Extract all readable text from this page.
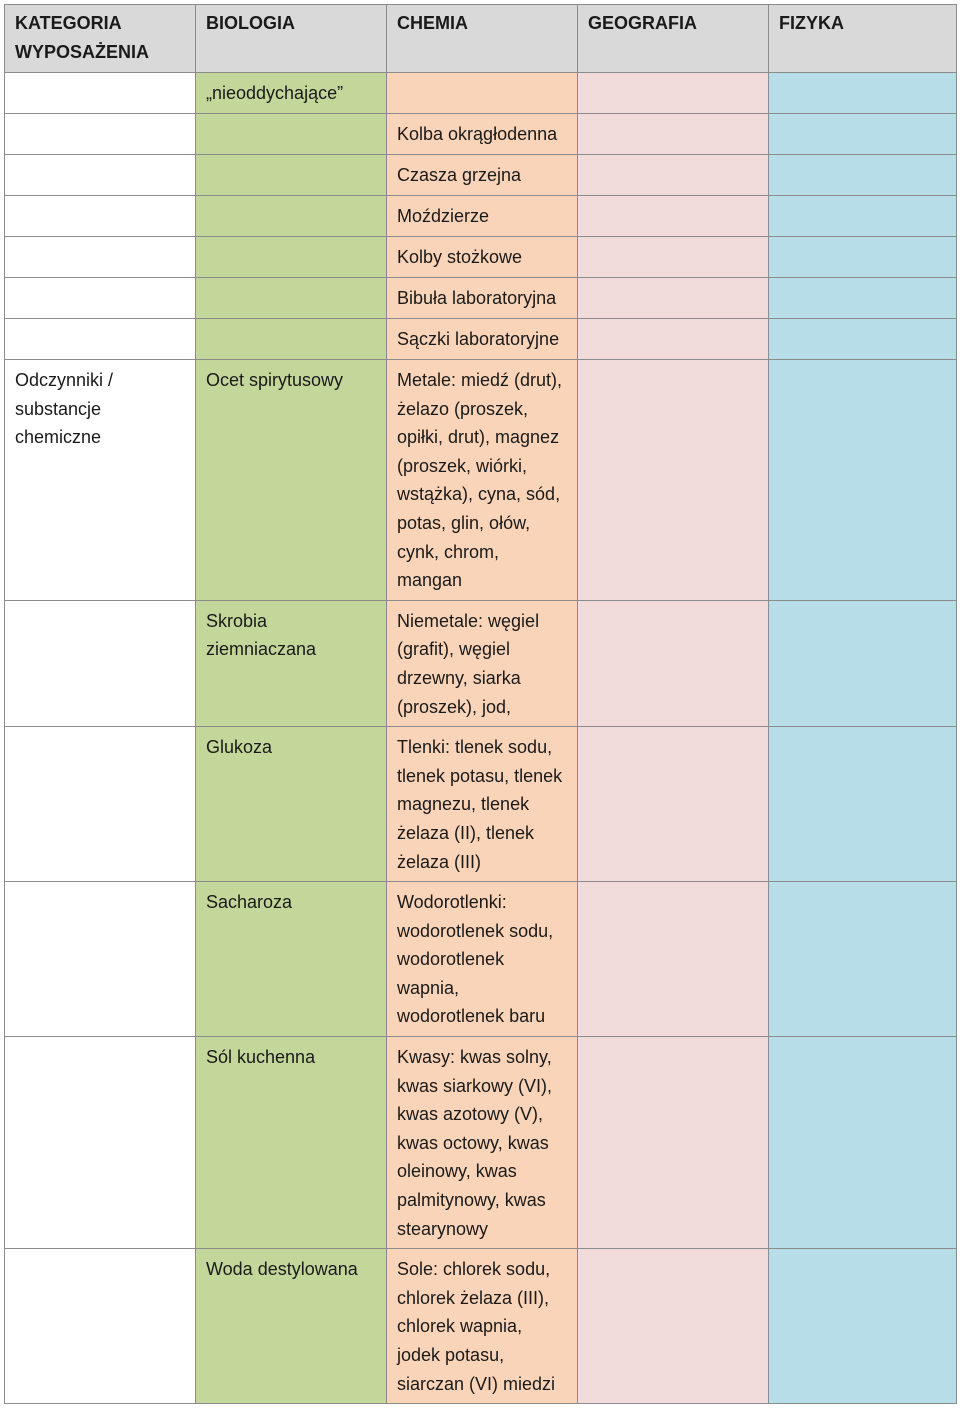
KATEGORIA WYPOSAŻENIA	BIOLOGIA	CHEMIA	GEOGRAFIA	FIZYKA
	„nieoddychające”			
		Kolba okrągłodenna		
		Czasza grzejna		
		Moździerze		
		Kolby stożkowe		
		Bibuła laboratoryjna		
		Sączki laboratoryjne		
Odczynniki / substancje chemiczne	Ocet spirytusowy	Metale: miedź (drut), żelazo (proszek, opiłki, drut), magnez (proszek, wiórki, wstążka), cyna, sód, potas, glin, ołów, cynk, chrom, mangan		
	Skrobia ziemniaczana	Niemetale: węgiel (grafit), węgiel drzewny, siarka (proszek), jod,		
	Glukoza	Tlenki: tlenek sodu, tlenek potasu, tlenek magnezu, tlenek żelaza (II), tlenek żelaza (III)		
	Sacharoza	Wodorotlenki: wodorotlenek sodu, wodorotlenek wapnia, wodorotlenek baru		
	Sól kuchenna	Kwasy: kwas solny, kwas siarkowy (VI), kwas azotowy (V), kwas octowy, kwas oleinowy, kwas palmitynowy, kwas stearynowy		
	Woda destylowana	Sole: chlorek sodu, chlorek żelaza (III), chlorek wapnia, jodek potasu, siarczan (VI) miedzi		
